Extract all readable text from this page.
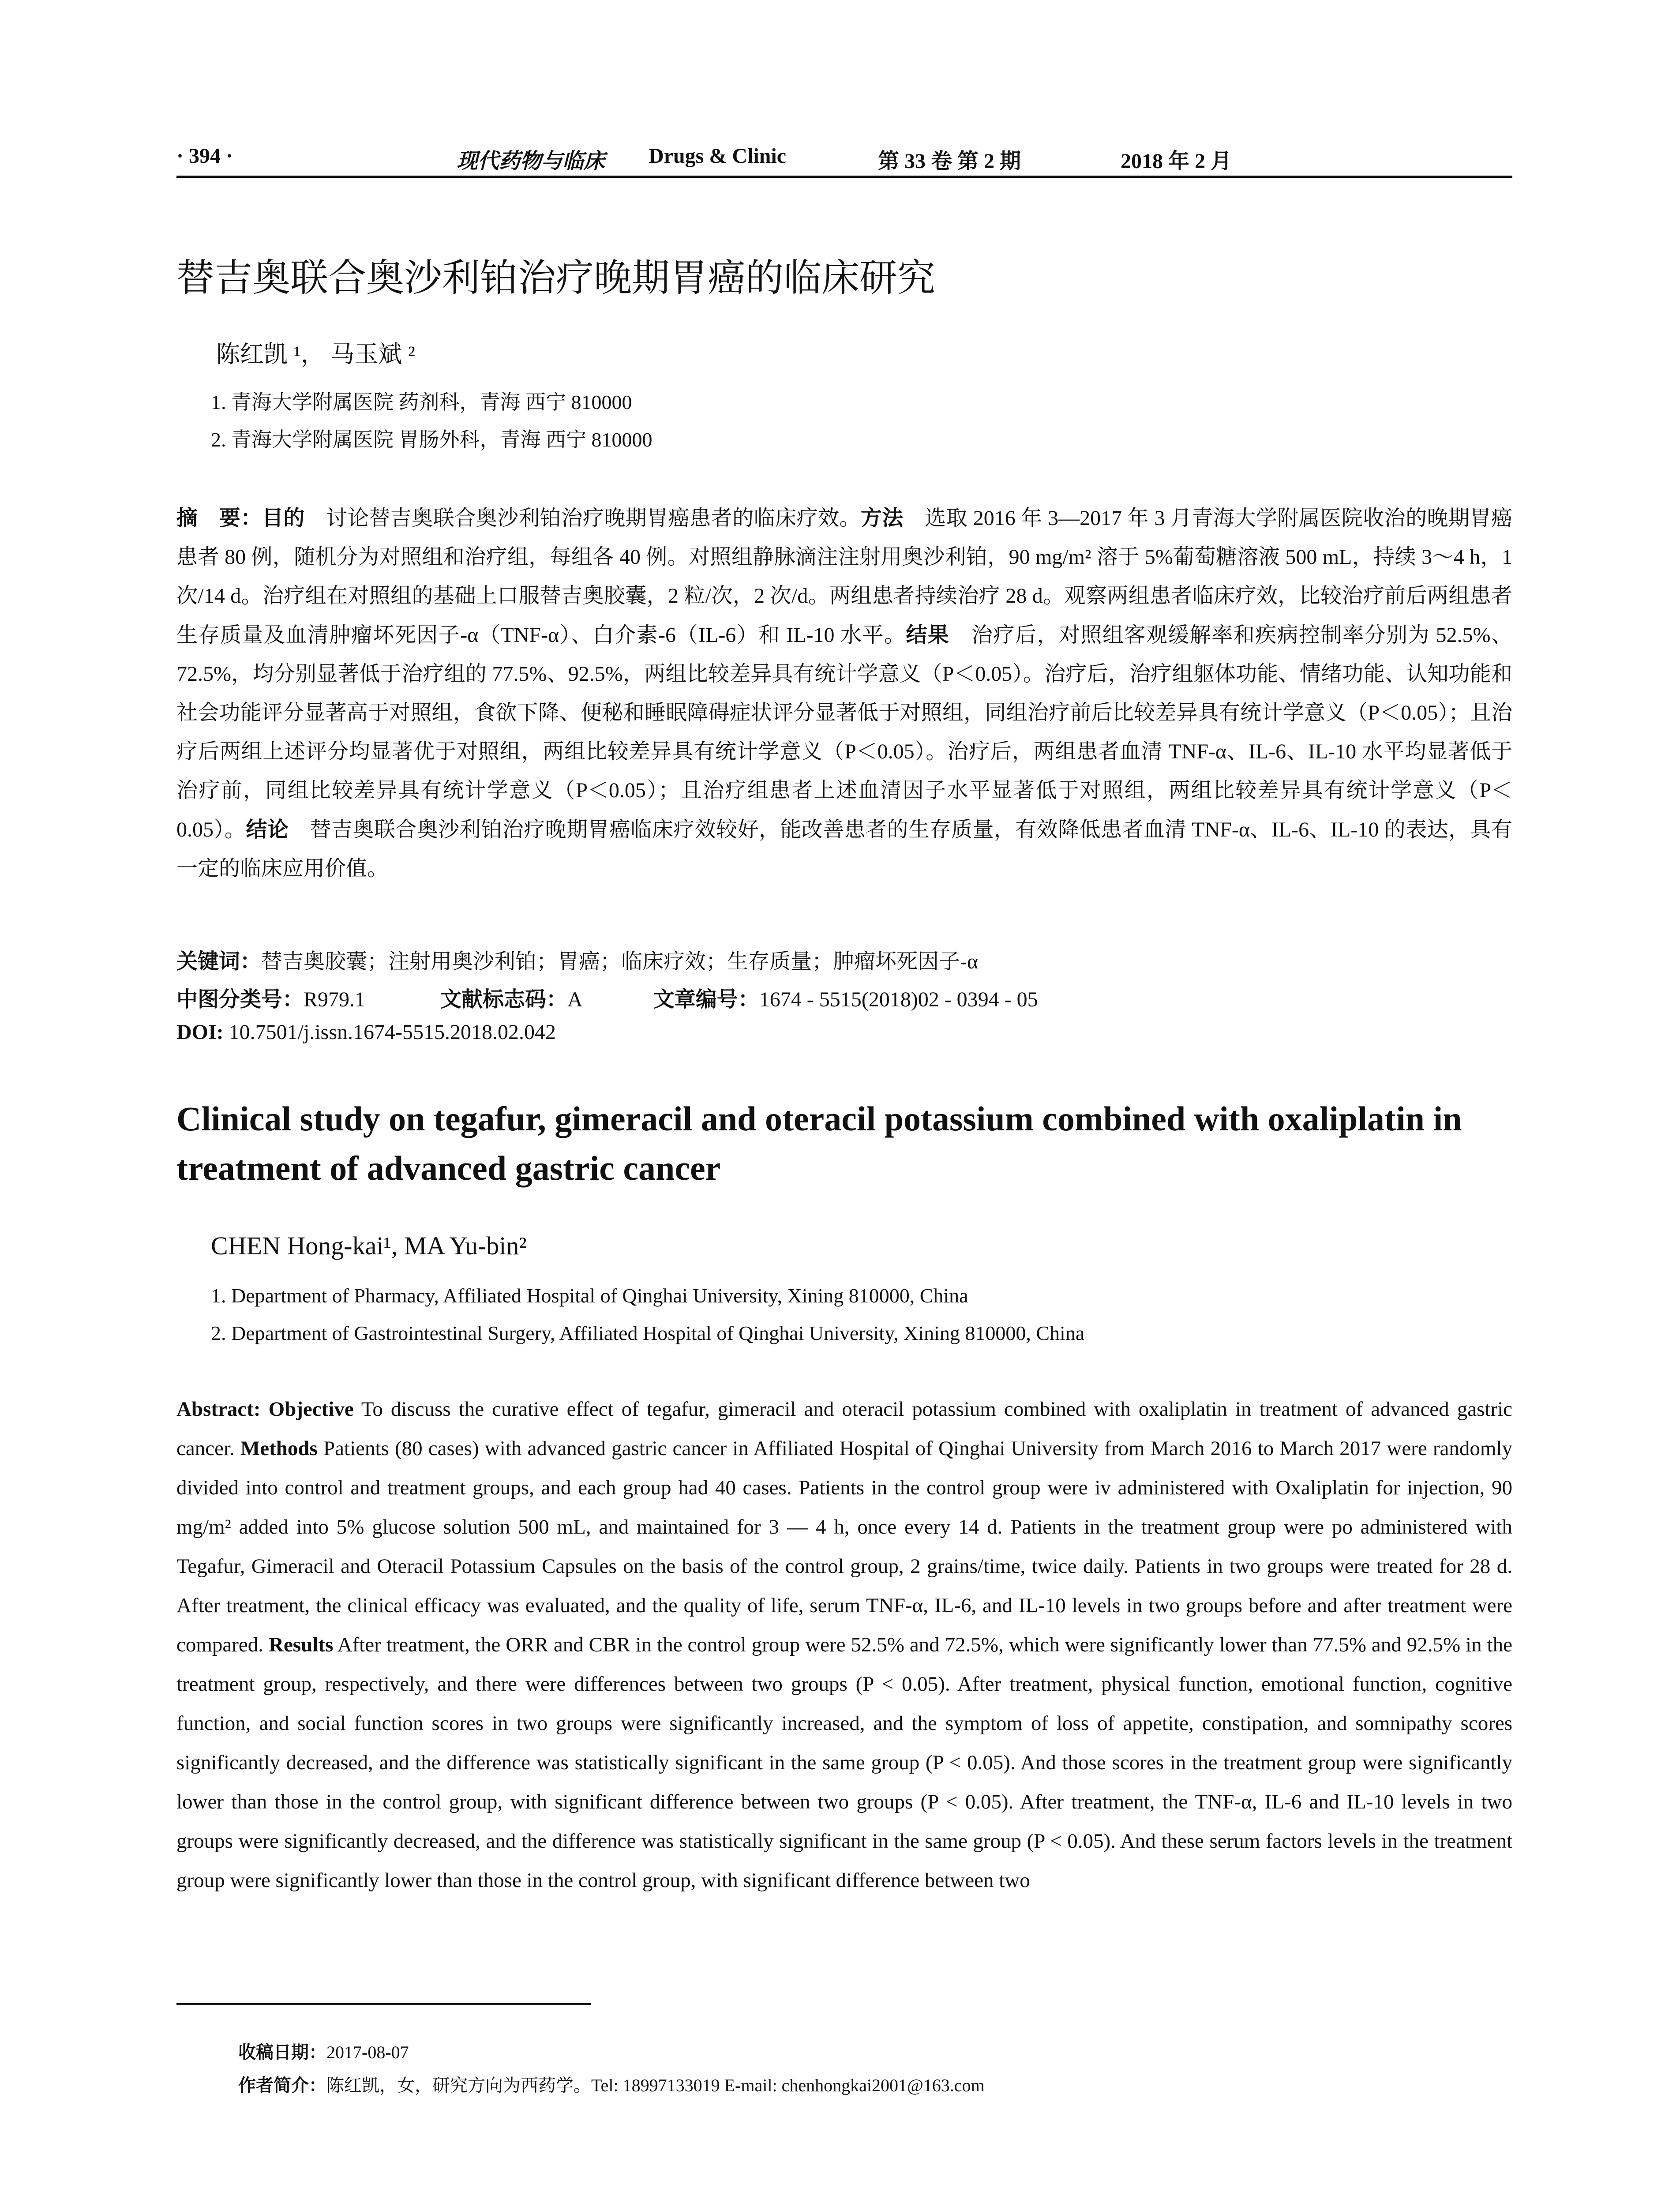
· 394 ·	现代药物与临床 Drugs & Clinic	第 33 卷 第 2 期	2018 年 2 月
替吉奥联合奥沙利铂治疗晚期胃癌的临床研究
陈红凯 ¹， 马玉斌 ²
1. 青海大学附属医院 药剂科，青海 西宁 810000
2. 青海大学附属医院 胃肠外科，青海 西宁 810000
摘　要：目的　讨论替吉奥联合奥沙利铂治疗晚期胃癌患者的临床疗效。方法　选取 2016 年 3—2017 年 3 月青海大学附属医院收治的晚期胃癌患者 80 例，随机分为对照组和治疗组，每组各 40 例。对照组静脉滴注注射用奥沙利铂，90 mg/m² 溶于 5%葡萄糖溶液 500 mL，持续 3～4 h，1 次/14 d。治疗组在对照组的基础上口服替吉奥胶囊，2 粒/次，2 次/d。两组患者持续治疗 28 d。观察两组患者临床疗效，比较治疗前后两组患者生存质量及血清肿瘤坏死因子-α（TNF-α）、白介素-6（IL-6）和 IL-10 水平。结果　治疗后，对照组客观缓解率和疾病控制率分别为 52.5%、72.5%，均分别显著低于治疗组的 77.5%、92.5%，两组比较差异具有统计学意义（P＜0.05）。治疗后，治疗组躯体功能、情绪功能、认知功能和社会功能评分显著高于对照组，食欲下降、便秘和睡眠障碍症状评分显著低于对照组，同组治疗前后比较差异具有统计学意义（P＜0.05）；且治疗后两组上述评分均显著优于对照组，两组比较差异具有统计学意义（P＜0.05）。治疗后，两组患者血清 TNF-α、IL-6、IL-10 水平均显著低于治疗前，同组比较差异具有统计学意义（P＜0.05）；且治疗组患者上述血清因子水平显著低于对照组，两组比较差异具有统计学意义（P＜0.05）。结论　替吉奥联合奥沙利铂治疗晚期胃癌临床疗效较好，能改善患者的生存质量，有效降低患者血清 TNF-α、IL-6、IL-10 的表达，具有一定的临床应用价值。
关键词：替吉奥胶囊；注射用奥沙利铂；胃癌；临床疗效；生存质量；肿瘤坏死因子-α
中图分类号：R979.1	文献标志码：A	文章编号：1674 - 5515(2018)02 - 0394 - 05
DOI: 10.7501/j.issn.1674-5515.2018.02.042
Clinical study on tegafur, gimeracil and oteracil potassium combined with oxaliplatin in treatment of advanced gastric cancer
CHEN Hong-kai¹, MA Yu-bin²
1. Department of Pharmacy, Affiliated Hospital of Qinghai University, Xining 810000, China
2. Department of Gastrointestinal Surgery, Affiliated Hospital of Qinghai University, Xining 810000, China
Abstract: Objective To discuss the curative effect of tegafur, gimeracil and oteracil potassium combined with oxaliplatin in treatment of advanced gastric cancer. Methods Patients (80 cases) with advanced gastric cancer in Affiliated Hospital of Qinghai University from March 2016 to March 2017 were randomly divided into control and treatment groups, and each group had 40 cases. Patients in the control group were iv administered with Oxaliplatin for injection, 90 mg/m² added into 5% glucose solution 500 mL, and maintained for 3 — 4 h, once every 14 d. Patients in the treatment group were po administered with Tegafur, Gimeracil and Oteracil Potassium Capsules on the basis of the control group, 2 grains/time, twice daily. Patients in two groups were treated for 28 d. After treatment, the clinical efficacy was evaluated, and the quality of life, serum TNF-α, IL-6, and IL-10 levels in two groups before and after treatment were compared. Results After treatment, the ORR and CBR in the control group were 52.5% and 72.5%, which were significantly lower than 77.5% and 92.5% in the treatment group, respectively, and there were differences between two groups (P < 0.05). After treatment, physical function, emotional function, cognitive function, and social function scores in two groups were significantly increased, and the symptom of loss of appetite, constipation, and somnipathy scores significantly decreased, and the difference was statistically significant in the same group (P < 0.05). And those scores in the treatment group were significantly lower than those in the control group, with significant difference between two groups (P < 0.05). After treatment, the TNF-α, IL-6 and IL-10 levels in two groups were significantly decreased, and the difference was statistically significant in the same group (P < 0.05). And these serum factors levels in the treatment group were significantly lower than those in the control group, with significant difference between two
收稿日期：2017-08-07
作者简介：陈红凯，女，研究方向为西药学。Tel: 18997133019 E-mail: chenhongkai2001@163.com
